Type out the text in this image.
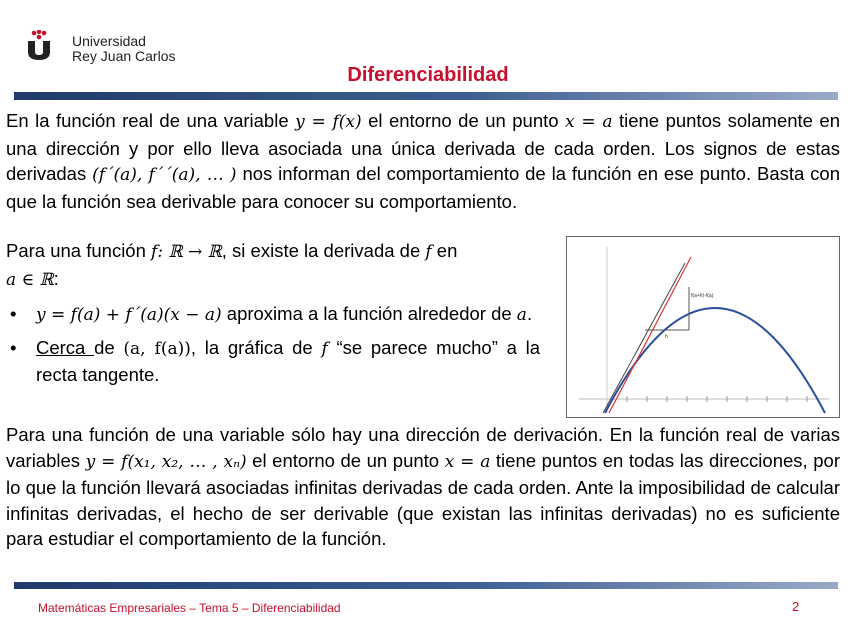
Universidad
Rey Juan Carlos
Diferenciabilidad

En la función real de una variable y = f(x) el entorno de un punto x = a tiene puntos solamente en una dirección y por ello lleva asociada una única derivada de cada orden. Los signos de estas derivadas (f´(a), f´´(a), … ) nos informan del comportamiento de la función en ese punto. Basta con que la función sea derivable para conocer su comportamiento.

Para una función f: ℝ → ℝ, si existe la derivada de f en
a ∈ ℝ:

• y = f(a) + f´(a)(x − a) aproxima a la función alrededor de a.
• Cerca de (a, f(a)), la gráfica de f “se parece mucho” a la recta tangente.
f(a+h)-f(a)
h

Para una función de una variable sólo hay una dirección de derivación. En la función real de varias variables y = f(x₁, x₂, … , xₙ) el entorno de un punto x = a tiene puntos en todas las direcciones, por lo que la función llevará asociadas infinitas derivadas de cada orden. Ante la imposibilidad de calcular infinitas derivadas, el hecho de ser derivable (que existan las infinitas derivadas) no es suficiente para estudiar el comportamiento de la función.

Matemáticas Empresariales – Tema 5 – Diferenciabilidad	2
